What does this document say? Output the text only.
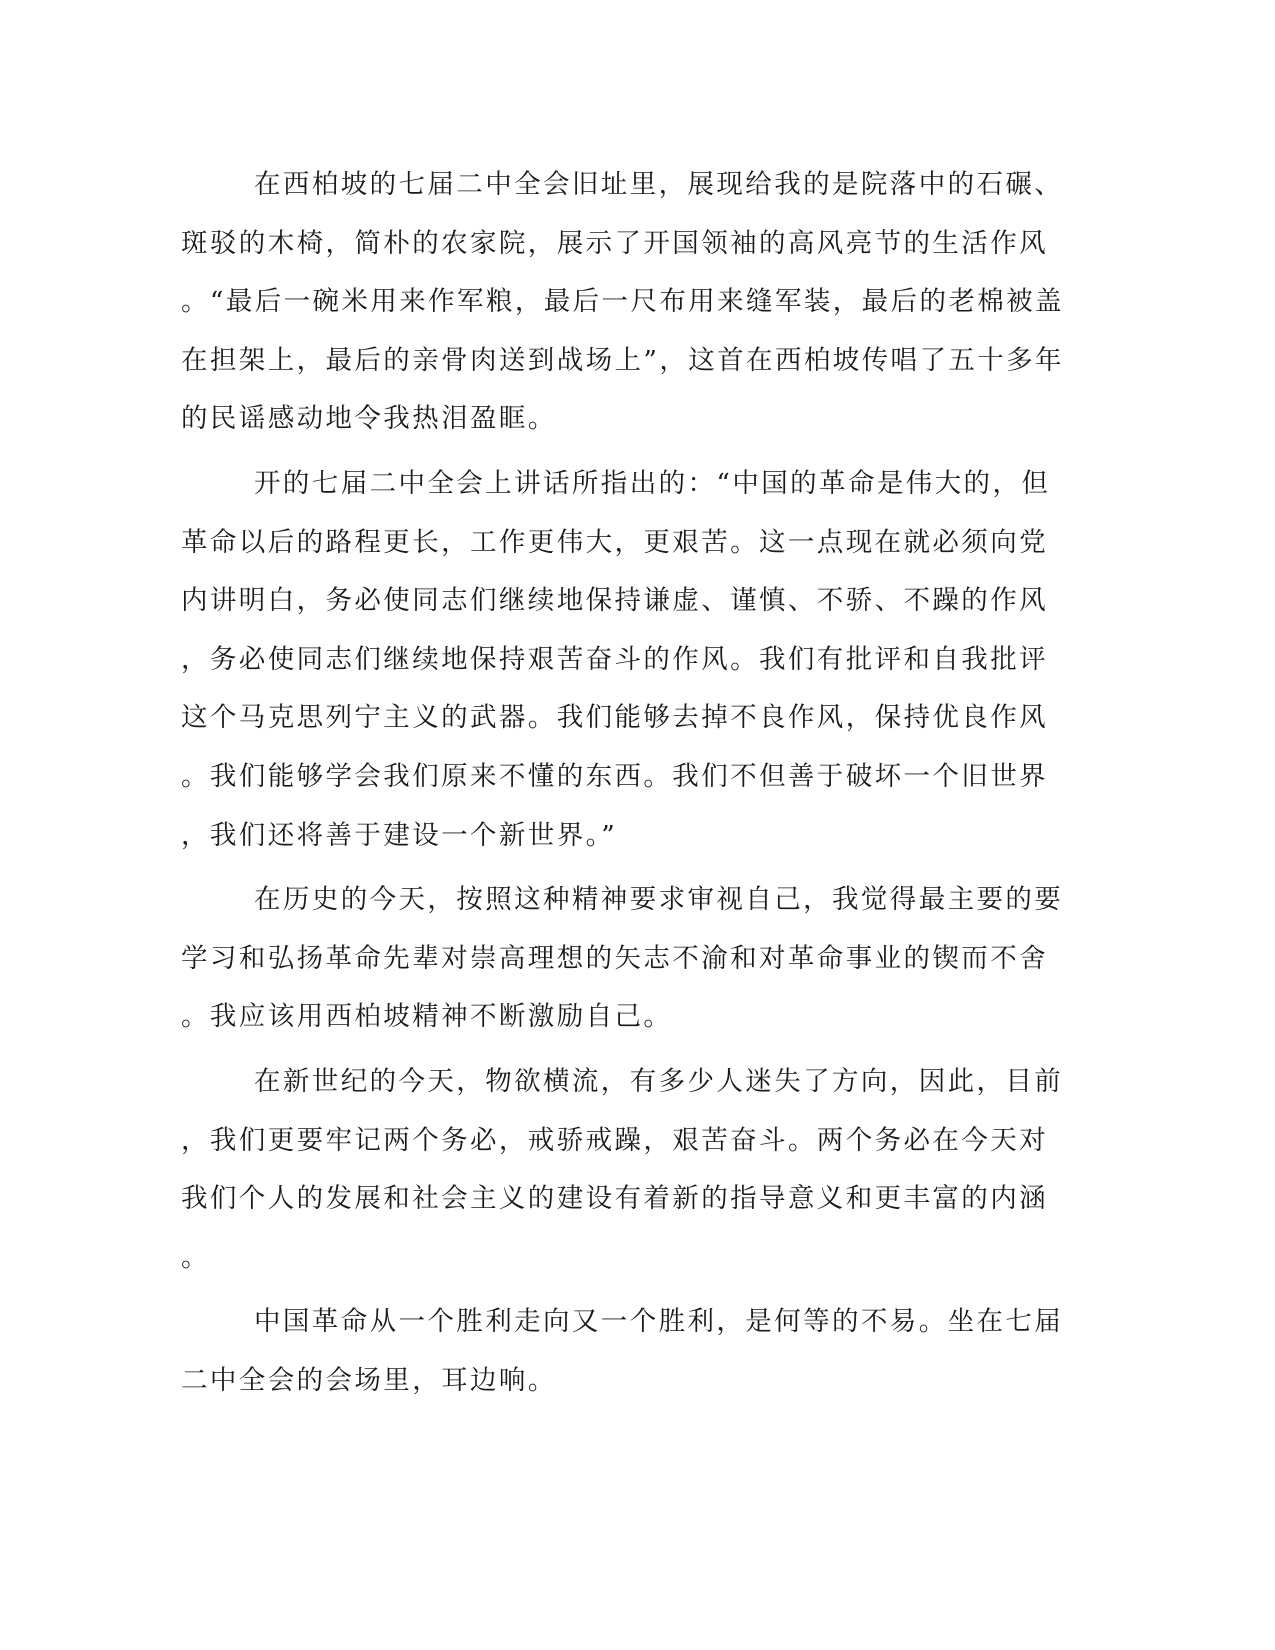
在西柏坡的七届二中全会旧址里，展现给我的是院落中的石碾、
斑驳的木椅，简朴的农家院，展示了开国领袖的高风亮节的生活作风
。“最后一碗米用来作军粮，最后一尺布用来缝军装，最后的老棉被盖
在担架上，最后的亲骨肉送到战场上”，这首在西柏坡传唱了五十多年
的民谣感动地令我热泪盈眶。
开的七届二中全会上讲话所指出的：“中国的革命是伟大的，但
革命以后的路程更长，工作更伟大，更艰苦。这一点现在就必须向党
内讲明白，务必使同志们继续地保持谦虚、谨慎、不骄、不躁的作风
，务必使同志们继续地保持艰苦奋斗的作风。我们有批评和自我批评
这个马克思列宁主义的武器。我们能够去掉不良作风，保持优良作风
。我们能够学会我们原来不懂的东西。我们不但善于破坏一个旧世界
，我们还将善于建设一个新世界。”
在历史的今天，按照这种精神要求审视自己，我觉得最主要的要
学习和弘扬革命先辈对崇高理想的矢志不渝和对革命事业的锲而不舍
。我应该用西柏坡精神不断激励自己。
在新世纪的今天，物欲横流，有多少人迷失了方向，因此，目前
，我们更要牢记两个务必，戒骄戒躁，艰苦奋斗。两个务必在今天对
我们个人的发展和社会主义的建设有着新的指导意义和更丰富的内涵
。
中国革命从一个胜利走向又一个胜利，是何等的不易。坐在七届
二中全会的会场里，耳边响。
